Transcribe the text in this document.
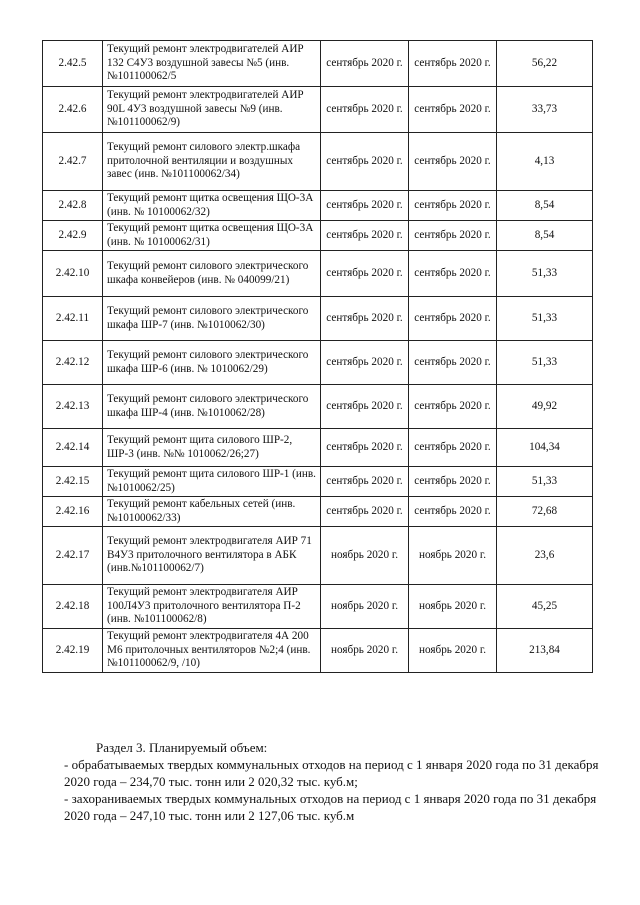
2.42.5	Текущий ремонт электродвигателей АИР 132 С4У3 воздушной завесы №5 (инв. №101100062/5	сентябрь 2020 г.	сентябрь 2020 г.	56,22
2.42.6	Текущий ремонт электродвигателей АИР 90L 4У3 воздушной завесы №9 (инв. №101100062/9)	сентябрь 2020 г.	сентябрь 2020 г.	33,73
2.42.7	Текущий ремонт силового электр.шкафа притолочной вентиляции и воздушных завес (инв. №101100062/34)	сентябрь 2020 г.	сентябрь 2020 г.	4,13
2.42.8	Текущий ремонт щитка освещения ЩО-3А (инв. № 10100062/32)	сентябрь 2020 г.	сентябрь 2020 г.	8,54
2.42.9	Текущий ремонт щитка освещения ЩО-3А (инв. № 10100062/31)	сентябрь 2020 г.	сентябрь 2020 г.	8,54
2.42.10	Текущий ремонт силового электрического шкафа конвейеров (инв. № 040099/21)	сентябрь 2020 г.	сентябрь 2020 г.	51,33
2.42.11	Текущий ремонт силового электрического шкафа ШР-7 (инв. №1010062/30)	сентябрь 2020 г.	сентябрь 2020 г.	51,33
2.42.12	Текущий ремонт силового электрического шкафа ШР-6 (инв. № 1010062/29)	сентябрь 2020 г.	сентябрь 2020 г.	51,33
2.42.13	Текущий ремонт силового электрического шкафа ШР-4 (инв. №1010062/28)	сентябрь 2020 г.	сентябрь 2020 г.	49,92
2.42.14	Текущий ремонт щита силового ШР-2, ШР-3 (инв. №№ 1010062/26;27)	сентябрь 2020 г.	сентябрь 2020 г.	104,34
2.42.15	Текущий ремонт щита силового ШР-1 (инв. №1010062/25)	сентябрь 2020 г.	сентябрь 2020 г.	51,33
2.42.16	Текущий ремонт кабельных сетей (инв. №10100062/33)	сентябрь 2020 г.	сентябрь 2020 г.	72,68
2.42.17	Текущий ремонт электродвигателя АИР 71 В4У3 притолочного вентилятора в АБК (инв.№101100062/7)	ноябрь 2020 г.	ноябрь 2020 г.	23,6
2.42.18	Текущий ремонт электродвигателя АИР 100Л4У3 притолочного вентилятора П-2 (инв. №101100062/8)	ноябрь 2020 г.	ноябрь 2020 г.	45,25
2.42.19	Текущий ремонт электродвигателя 4А 200 М6 притолочных вентиляторов №2;4 (инв. №101100062/9, /10)	ноябрь 2020 г.	ноябрь 2020 г.	213,84

Раздел 3. Планируемый объем:

- обрабатываемых твердых коммунальных отходов на период с 1 января 2020 года по 31 декабря 2020 года – 234,70 тыс. тонн или 2 020,32 тыс. куб.м;

- захораниваемых твердых коммунальных отходов на период с 1 января 2020 года по 31 декабря 2020 года – 247,10 тыс. тонн или 2 127,06 тыс. куб.м
